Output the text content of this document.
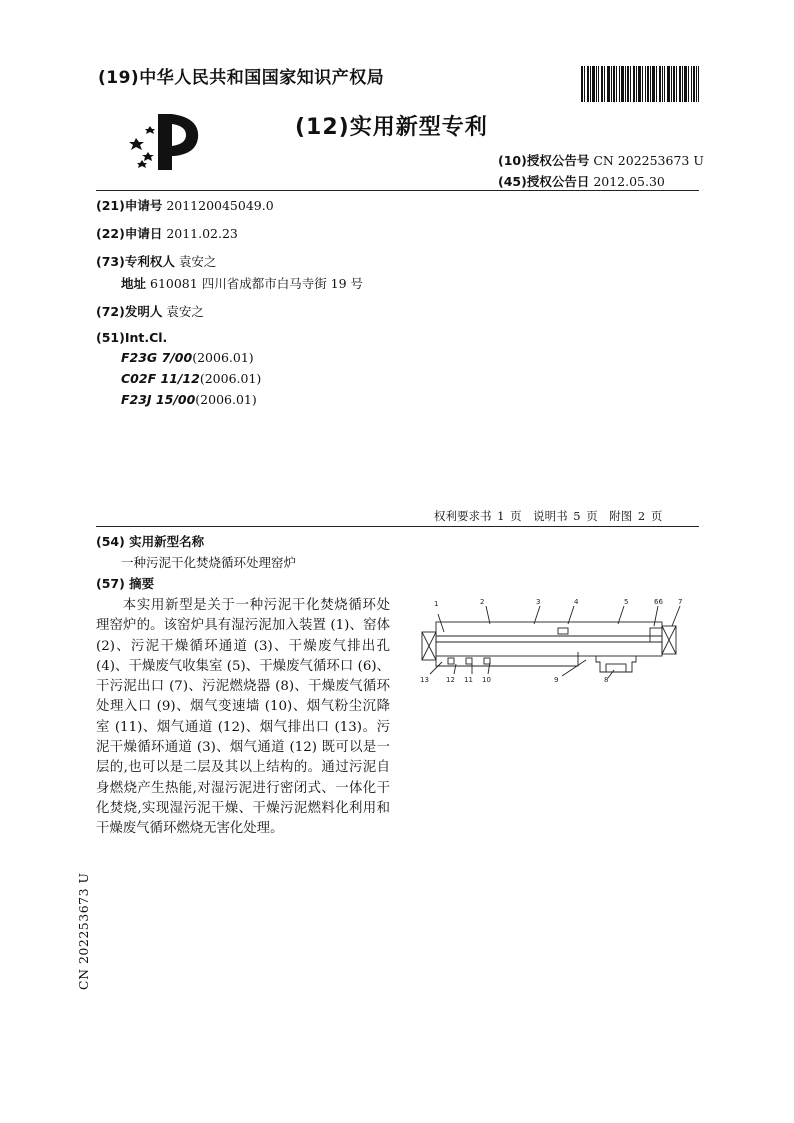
(19)中华人民共和国国家知识产权局
(12)实用新型专利
(10)授权公告号 CN 202253673 U
(45)授权公告日 2012.05.30
(21)申请号 201120045049.0
(22)申请日 2011.02.23
(73)专利权人 袁安之
地址 610081 四川省成都市白马寺街 19 号
(72)发明人 袁安之
(51)Int.Cl.
F23G 7/00(2006.01)
C02F 11/12(2006.01)
F23J 15/00(2006.01)
权利要求书 1 页　说明书 5 页　附图 2 页
(54) 实用新型名称
一种污泥干化焚烧循环处理窑炉
(57) 摘要
本实用新型是关于一种污泥干化焚烧循环处理窑炉的。该窑炉具有湿污泥加入装置 (1)、窑体 (2)、污泥干燥循环通道 (3)、干燥废气排出孔 (4)、干燥废气收集室 (5)、干燥废气循环口 (6)、干污泥出口 (7)、污泥燃烧器 (8)、干燥废气循环处理入口 (9)、烟气变速墙 (10)、烟气粉尘沉降室 (11)、烟气通道 (12)、烟气排出口 (13)。污泥干燥循环通道 (3)、烟气通道 (12) 既可以是一层的,也可以是二层及其以上结构的。通过污泥自身燃烧产生热能,对湿污泥进行密闭式、一体化干化焚烧,实现湿污泥干燥、干燥污泥燃料化利用和干燥废气循环燃烧无害化处理。
1	2	3	4	5	66 7
8
9
13 12 11 10
CN 202253673 U
